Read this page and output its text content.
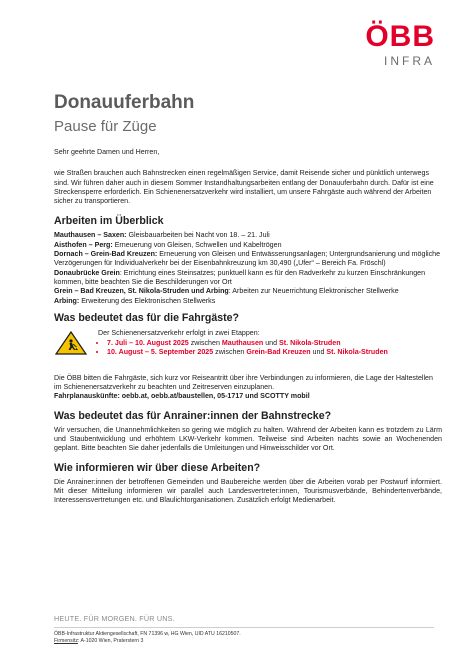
ÖBB
INFRA
Donauuferbahn
Pause für Züge

Sehr geehrte Damen und Herren,

wie Straßen brauchen auch Bahnstrecken einen regelmäßigen Service, damit Reisende sicher und pünktlich unterwegs sind. Wir führen daher auch in diesem Sommer Instandhaltungsarbeiten entlang der Donauuferbahn durch. Dafür ist eine Streckensperre erforderlich. Ein Schienenersatzverkehr wird installiert, um unsere Fahrgäste auch während der Arbeiten sicher zu transportieren.

Arbeiten im Überblick
Mauthausen – Saxen: Gleisbauarbeiten bei Nacht von 18. – 21. Juli
Aisthofen – Perg: Erneuerung von Gleisen, Schwellen und Kabeltrögen
Dornach – Grein-Bad Kreuzen: Erneuerung von Gleisen und Entwässerungsanlagen; Untergrundsanierung und mögliche Verzögerungen für Individualverkehr bei der Eisenbahnkreuzung km 30,490 („Ufer“ – Bereich Fa. Fröschl)
Donaubrücke Grein: Errichtung eines Steinsatzes; punktuell kann es für den Radverkehr zu kurzen Einschränkungen kommen, bitte beachten Sie die Beschilderungen vor Ort
Grein – Bad Kreuzen, St. Nikola-Struden und Arbing: Arbeiten zur Neuerrichtung Elektronischer Stellwerke
Arbing: Erweiterung des Elektronischen Stellwerks
Was bedeutet das für die Fahrgäste?
Der Schienenersatzverkehr erfolgt in zwei Etappen:
• 7. Juli – 10. August 2025 zwischen Mauthausen und St. Nikola-Struden
• 10. August – 5. September 2025 zwischen Grein-Bad Kreuzen und St. Nikola-Struden

Die ÖBB bitten die Fahrgäste, sich kurz vor Reiseantritt über ihre Verbindungen zu informieren, die Lage der Haltestellen im Schienenersatzverkehr zu beachten und Zeitreserven einzuplanen.

Fahrplanauskünfte: oebb.at, oebb.at/baustellen, 05-1717 und SCOTTY mobil

Was bedeutet das für Anrainer:innen der Bahnstrecke?

Wir versuchen, die Unannehmlichkeiten so gering wie möglich zu halten. Während der Arbeiten kann es trotzdem zu Lärm und Staubentwicklung und erhöhtem LKW-Verkehr kommen. Teilweise sind Arbeiten nachts sowie an Wochenenden geplant. Bitte beachten Sie daher jedenfalls die Umleitungen und Hinweisschilder vor Ort.

Wie informieren wir über diese Arbeiten?

Die Anrainer:innen der betroffenen Gemeinden und Baubereiche werden über die Arbeiten vorab per Postwurf informiert. Mit dieser Mitteilung informieren wir parallel auch Landesvertreter:innen, Tourismusverbände, Behindertenverbände, Interessensvertretungen etc. und Blaulichtorganisationen. Zusätzlich erfolgt Medienarbeit.

HEUTE. FÜR MORGEN. FÜR UNS.
ÖBB-Infrastruktur Aktiengesellschaft, FN 71396 w, HG Wien, UID ATU 16210507.
Firmensitz: A-1020 Wien, Praterstern 3
